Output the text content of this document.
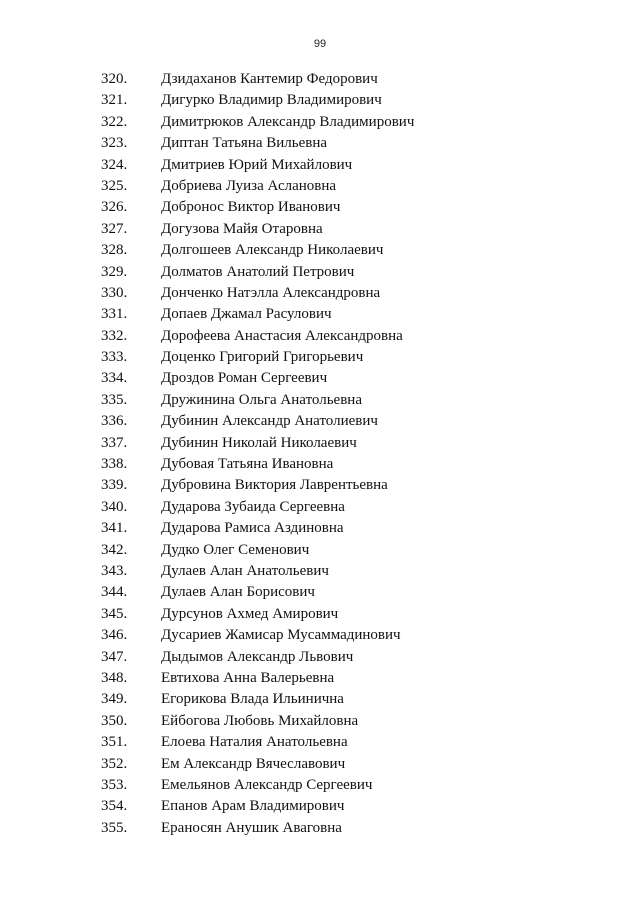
99
320.	Дзидаханов Кантемир Федорович
321.	Дигурко Владимир Владимирович
322.	Димитрюков Александр Владимирович
323.	Диптан Татьяна Вильевна
324.	Дмитриев Юрий Михайлович
325.	Добриева Луиза Аслановна
326.	Добронос Виктор Иванович
327.	Догузова Майя Отаровна
328.	Долгошеев Александр Николаевич
329.	Долматов Анатолий Петрович
330.	Донченко Натэлла Александровна
331.	Допаев Джамал Расулович
332.	Дорофеева Анастасия Александровна
333.	Доценко Григорий Григорьевич
334.	Дроздов Роман Сергеевич
335.	Дружинина Ольга Анатольевна
336.	Дубинин Александр Анатолиевич
337.	Дубинин Николай Николаевич
338.	Дубовая Татьяна Ивановна
339.	Дубровина Виктория Лаврентьевна
340.	Дударова Зубаида Сергеевна
341.	Дударова Рамиса Аздиновна
342.	Дудко Олег Семенович
343.	Дулаев Алан Анатольевич
344.	Дулаев Алан Борисович
345.	Дурсунов Ахмед Амирович
346.	Дусариев Жамисар Мусаммадинович
347.	Дыдымов Александр Львович
348.	Евтихова Анна Валерьевна
349.	Егорикова Влада Ильинична
350.	Ейбогова Любовь Михайловна
351.	Елоева Наталия Анатольевна
352.	Ем Александр Вячеславович
353.	Емельянов Александр Сергеевич
354.	Епанов Арам Владимирович
355.	Ераносян Анушик Аваговна
